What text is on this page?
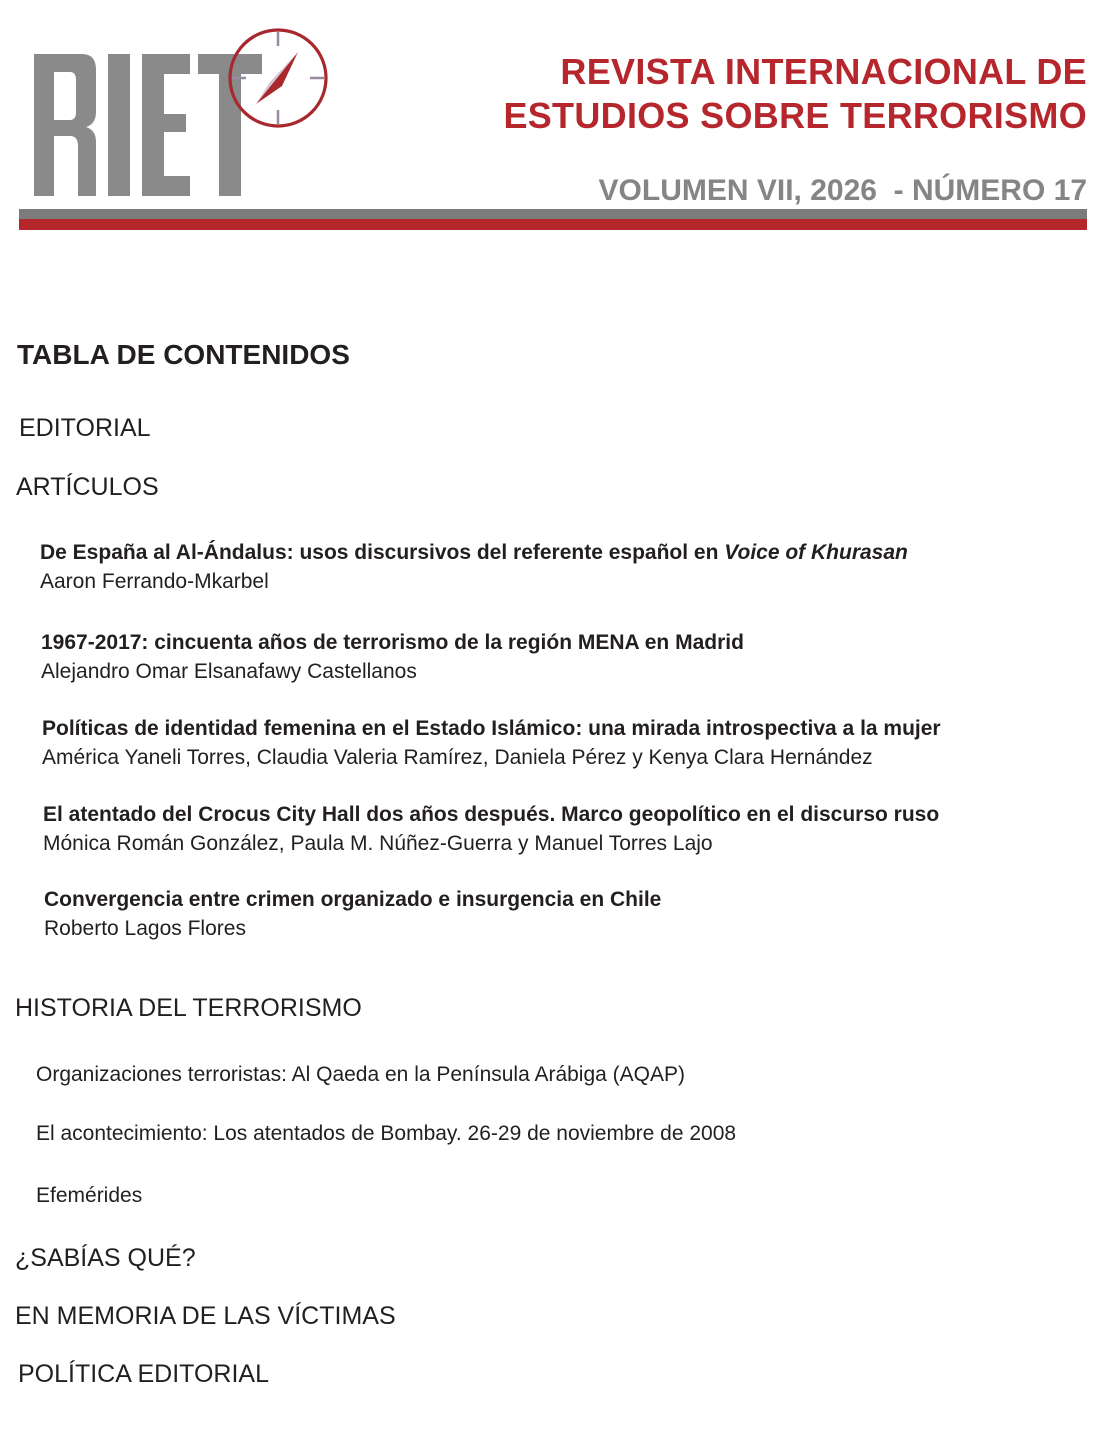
REVISTA INTERNACIONAL DE
ESTUDIOS SOBRE TERRORISMO
VOLUMEN VII, 2026  - NÚMERO 17
TABLA DE CONTENIDOS
EDITORIAL
ARTÍCULOS
De España al Al-Ándalus: usos discursivos del referente español en Voice of Khurasan
Aaron Ferrando-Mkarbel
1967-2017: cincuenta años de terrorismo de la región MENA en Madrid
Alejandro Omar Elsanafawy Castellanos
Políticas de identidad femenina en el Estado Islámico: una mirada introspectiva a la mujer
América Yaneli Torres, Claudia Valeria Ramírez, Daniela Pérez y Kenya Clara Hernández
El atentado del Crocus City Hall dos años después. Marco geopolítico en el discurso ruso
Mónica Román González, Paula M. Núñez-Guerra y Manuel Torres Lajo
Convergencia entre crimen organizado e insurgencia en Chile
Roberto Lagos Flores
HISTORIA DEL TERRORISMO
Organizaciones terroristas: Al Qaeda en la Península Arábiga (AQAP)
El acontecimiento: Los atentados de Bombay. 26-29 de noviembre de 2008
Efemérides
¿SABÍAS QUÉ?
EN MEMORIA DE LAS VÍCTIMAS
POLÍTICA EDITORIAL
